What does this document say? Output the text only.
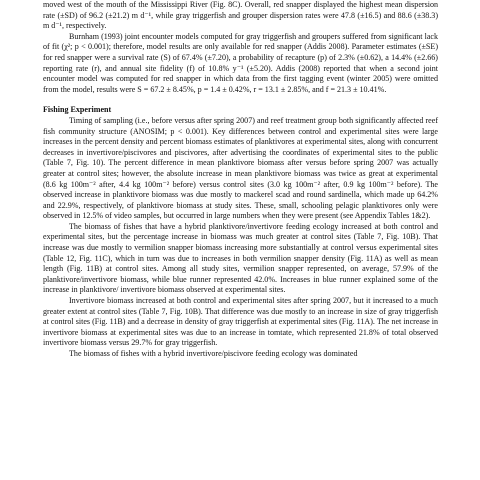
moved west of the mouth of the Mississippi River (Fig. 8C). Overall, red snapper displayed the highest mean dispersion rate (±SD) of 96.2 (±21.2) m d⁻¹, while gray triggerfish and grouper dispersion rates were 47.8 (±16.5) and 88.6 (±38.3) m d⁻¹, respectively.

Burnham (1993) joint encounter models computed for gray triggerfish and groupers suffered from significant lack of fit (χ²; p < 0.001); therefore, model results are only available for red snapper (Addis 2008). Parameter estimates (±SE) for red snapper were a survival rate (S) of 67.4% (±7.20), a probability of recapture (p) of 2.3% (±0.62), a 14.4% (±2.66) reporting rate (r), and annual site fidelity (f) of 10.8% y⁻¹ (±5.20). Addis (2008) reported that when a second joint encounter model was computed for red snapper in which data from the first tagging event (winter 2005) were omitted from the model, results were S = 67.2 ± 8.45%, p = 1.4 ± 0.42%, r = 13.1 ± 2.85%, and f = 21.3 ± 10.41%.

Fishing Experiment

Timing of sampling (i.e., before versus after spring 2007) and reef treatment group both significantly affected reef fish community structure (ANOSIM; p < 0.001). Key differences between control and experimental sites were large increases in the percent density and percent biomass estimates of planktivores at experimental sites, along with concurrent decreases in invertivore/piscivores and piscivores, after advertising the coordinates of experimental sites to the public (Table 7, Fig. 10). The percent difference in mean planktivore biomass after versus before spring 2007 was actually greater at control sites; however, the absolute increase in mean planktivore biomass was twice as great at experimental (8.6 kg 100m⁻² after, 4.4 kg 100m⁻² before) versus control sites (3.0 kg 100m⁻² after, 0.9 kg 100m⁻² before). The observed increase in planktivore biomass was due mostly to mackerel scad and round sardinella, which made up 64.2% and 22.9%, respectively, of planktivore biomass at study sites. These, small, schooling pelagic planktivores only were observed in 12.5% of video samples, but occurred in large numbers when they were present (see Appendix Tables 1&2).

The biomass of fishes that have a hybrid planktivore/invertivore feeding ecology increased at both control and experimental sites, but the percentage increase in biomass was much greater at control sites (Table 7, Fig. 10B). That increase was due mostly to vermilion snapper biomass increasing more substantially at control versus experimental sites (Table 12, Fig. 11C), which in turn was due to increases in both vermilion snapper density (Fig. 11A) as well as mean length (Fig. 11B) at control sites. Among all study sites, vermilion snapper represented, on average, 57.9% of the planktivore/invertivore biomass, while blue runner represented 42.0%. Increases in blue runner explained some of the increase in planktivore/ invertivore biomass observed at experimental sites.

Invertivore biomass increased at both control and experimental sites after spring 2007, but it increased to a much greater extent at control sites (Table 7, Fig. 10B). That difference was due mostly to an increase in size of gray triggerfish at control sites (Fig. 11B) and a decrease in density of gray triggerfish at experimental sites (Fig. 11A). The net increase in invertivore biomass at experimental sites was due to an increase in tomtate, which represented 21.8% of total observed invertivore biomass versus 29.7% for gray triggerfish.

The biomass of fishes with a hybrid invertivore/piscivore feeding ecology was dominated
